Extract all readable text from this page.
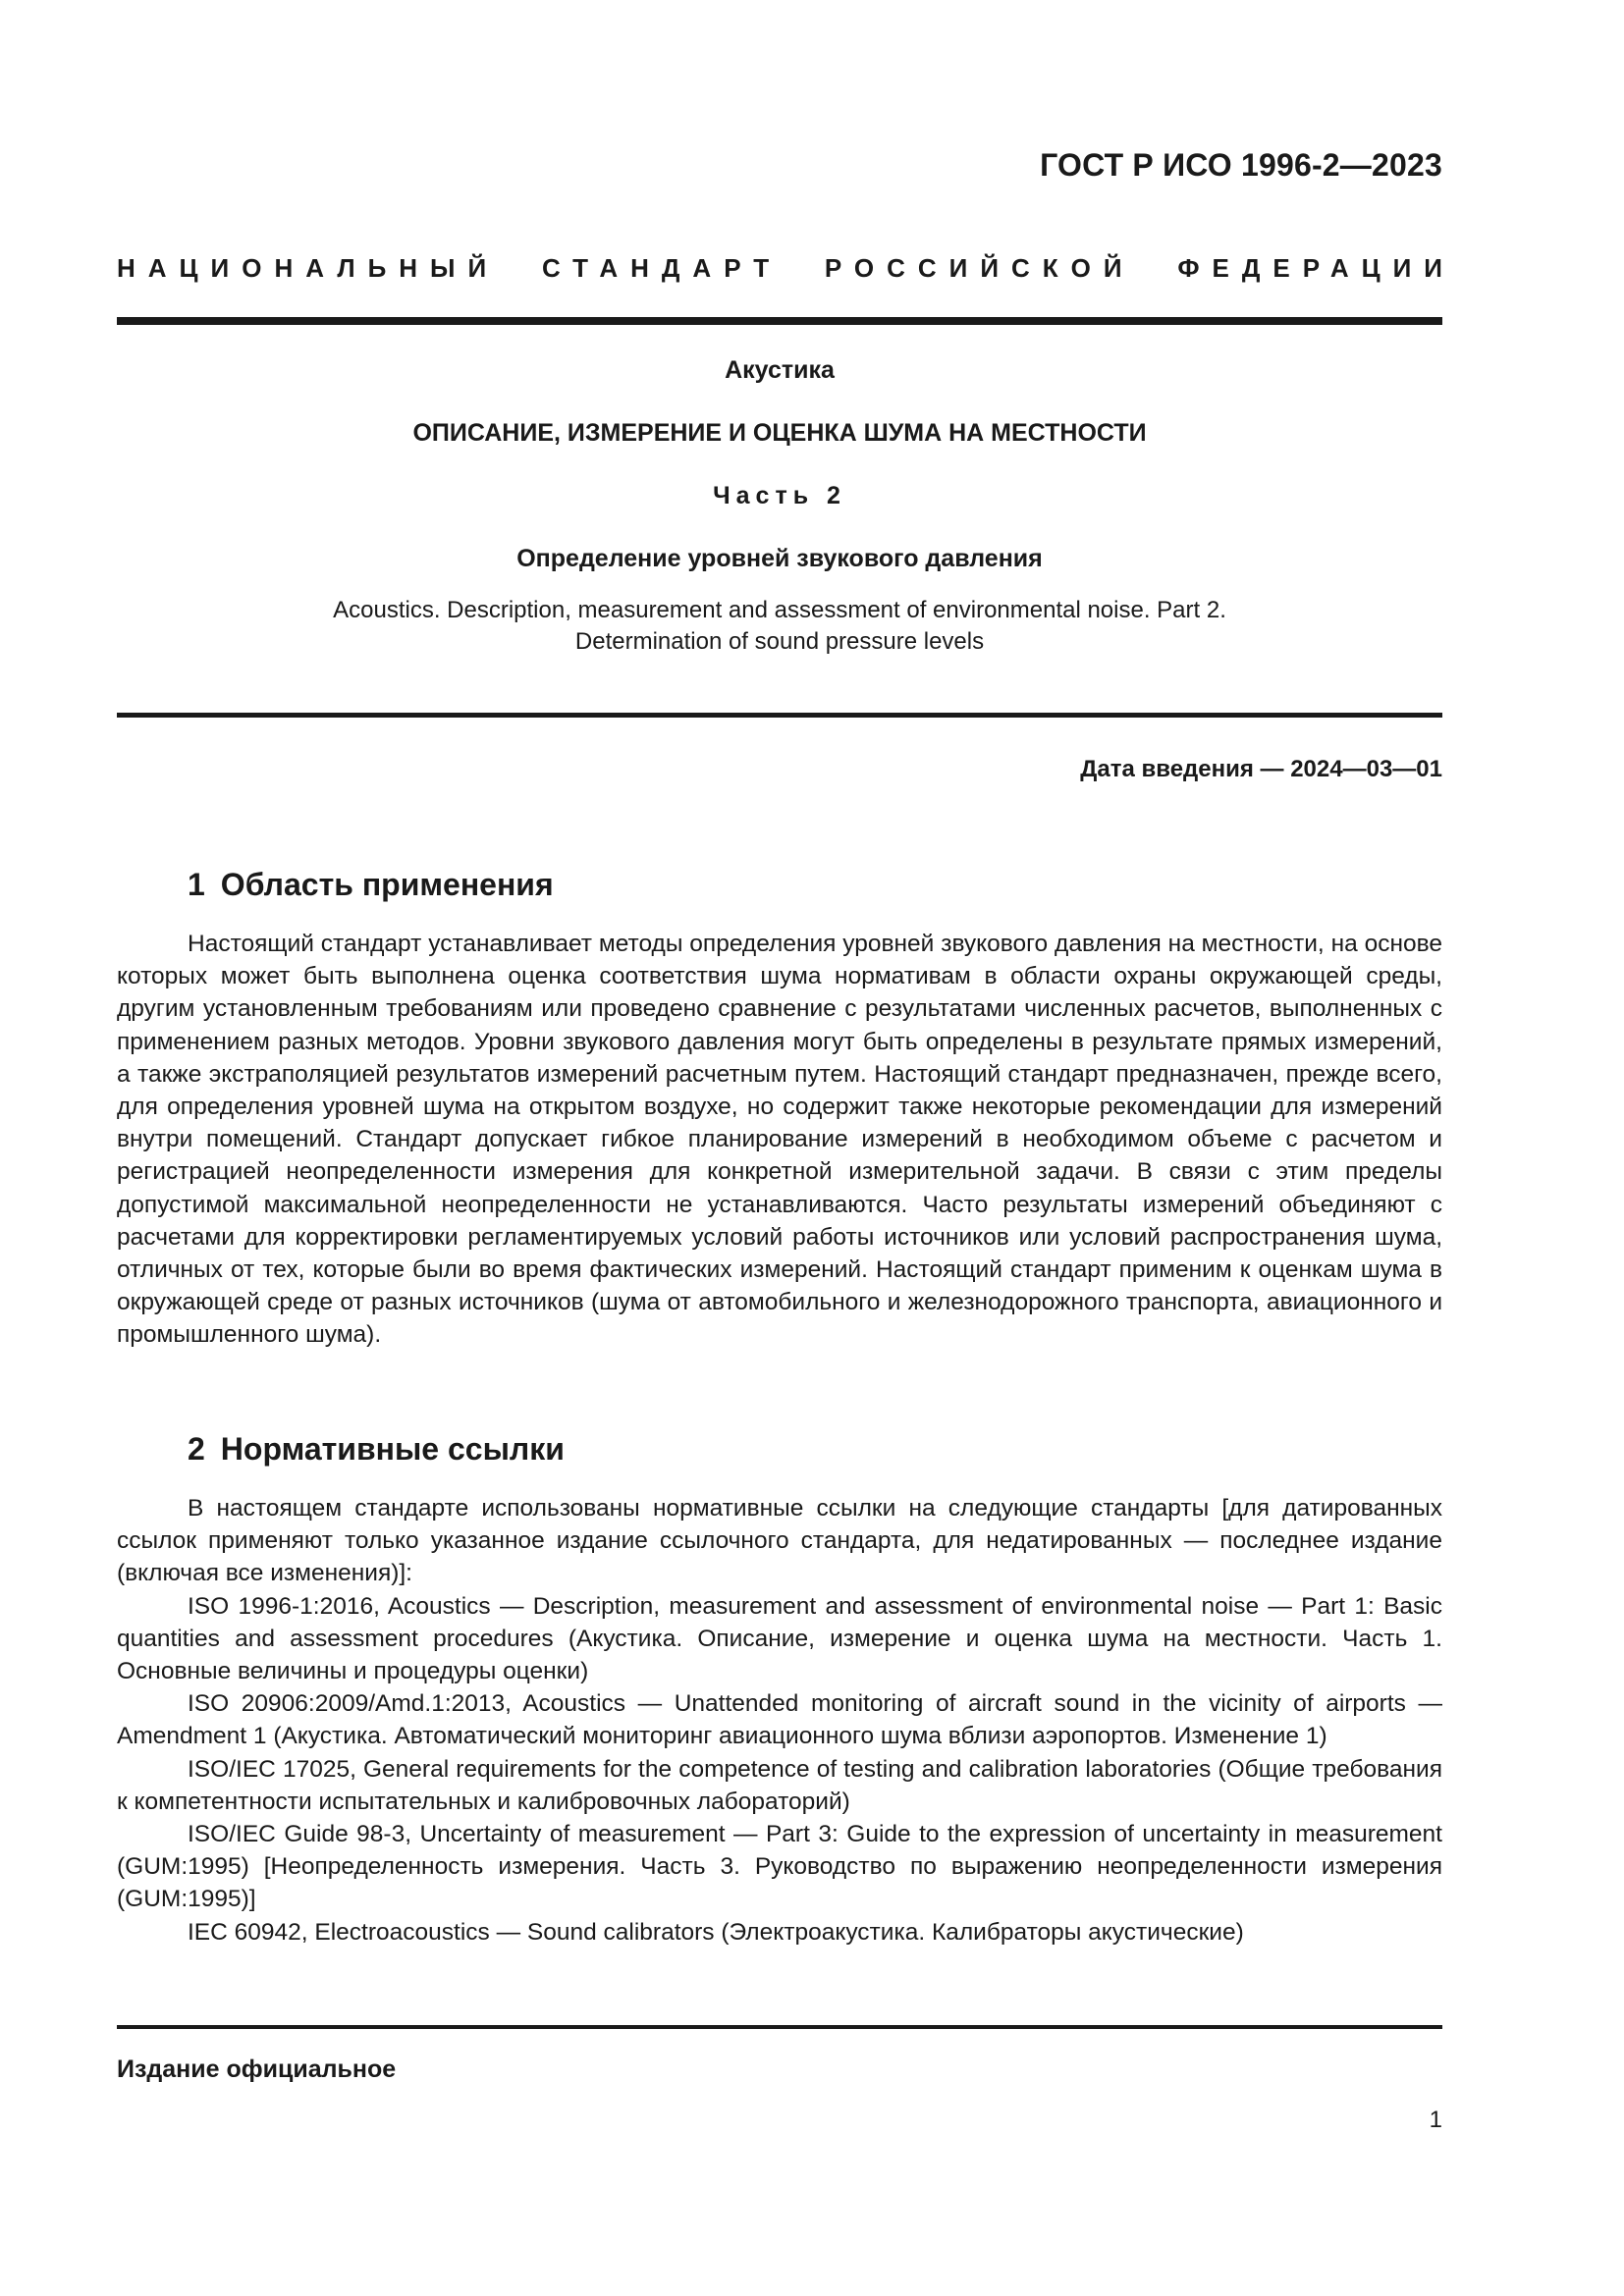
ГОСТ Р ИСО 1996-2—2023
НАЦИОНАЛЬНЫЙ СТАНДАРТ РОССИЙСКОЙ ФЕДЕРАЦИИ
Акустика
ОПИСАНИЕ, ИЗМЕРЕНИЕ И ОЦЕНКА ШУМА НА МЕСТНОСТИ
Часть 2
Определение уровней звукового давления
Acoustics. Description, measurement and assessment of environmental noise. Part 2.
Determination of sound pressure levels
Дата введения — 2024—03—01
1 Область применения

Настоящий стандарт устанавливает методы определения уровней звукового давления на местности, на основе которых может быть выполнена оценка соответствия шума нормативам в области охраны окружающей среды, другим установленным требованиям или проведено сравнение с результатами численных расчетов, выполненных с применением разных методов. Уровни звукового давления могут быть определены в результате прямых измерений, а также экстраполяцией результатов измерений расчетным путем. Настоящий стандарт предназначен, прежде всего, для определения уровней шума на открытом воздухе, но содержит также некоторые рекомендации для измерений внутри помещений. Стандарт допускает гибкое планирование измерений в необходимом объеме с расчетом и регистрацией неопределенности измерения для конкретной измерительной задачи. В связи с этим пределы допустимой максимальной неопределенности не устанавливаются. Часто результаты измерений объединяют с расчетами для корректировки регламентируемых условий работы источников или условий распространения шума, отличных от тех, которые были во время фактических измерений. Настоящий стандарт применим к оценкам шума в окружающей среде от разных источников (шума от автомобильного и железнодорожного транспорта, авиационного и промышленного шума).

2 Нормативные ссылки

В настоящем стандарте использованы нормативные ссылки на следующие стандарты [для датированных ссылок применяют только указанное издание ссылочного стандарта, для недатированных — последнее издание (включая все изменения)]:

ISO 1996-1:2016, Acoustics — Description, measurement and assessment of environmental noise — Part 1: Basic quantities and assessment procedures (Акустика. Описание, измерение и оценка шума на местности. Часть 1. Основные величины и процедуры оценки)

ISO 20906:2009/Amd.1:2013, Acoustics — Unattended monitoring of aircraft sound in the vicinity of airports — Amendment 1 (Акустика. Автоматический мониторинг авиационного шума вблизи аэропортов. Изменение 1)

ISO/IEC 17025, General requirements for the competence of testing and calibration laboratories (Общие требования к компетентности испытательных и калибровочных лабораторий)

ISO/IEC Guide 98-3, Uncertainty of measurement — Part 3: Guide to the expression of uncertainty in measurement (GUM:1995) [Неопределенность измерения. Часть 3. Руководство по выражению неопределенности измерения (GUM:1995)]

IEC 60942, Electroacoustics — Sound calibrators (Электроакустика. Калибраторы акустические)

Издание официальное
1
